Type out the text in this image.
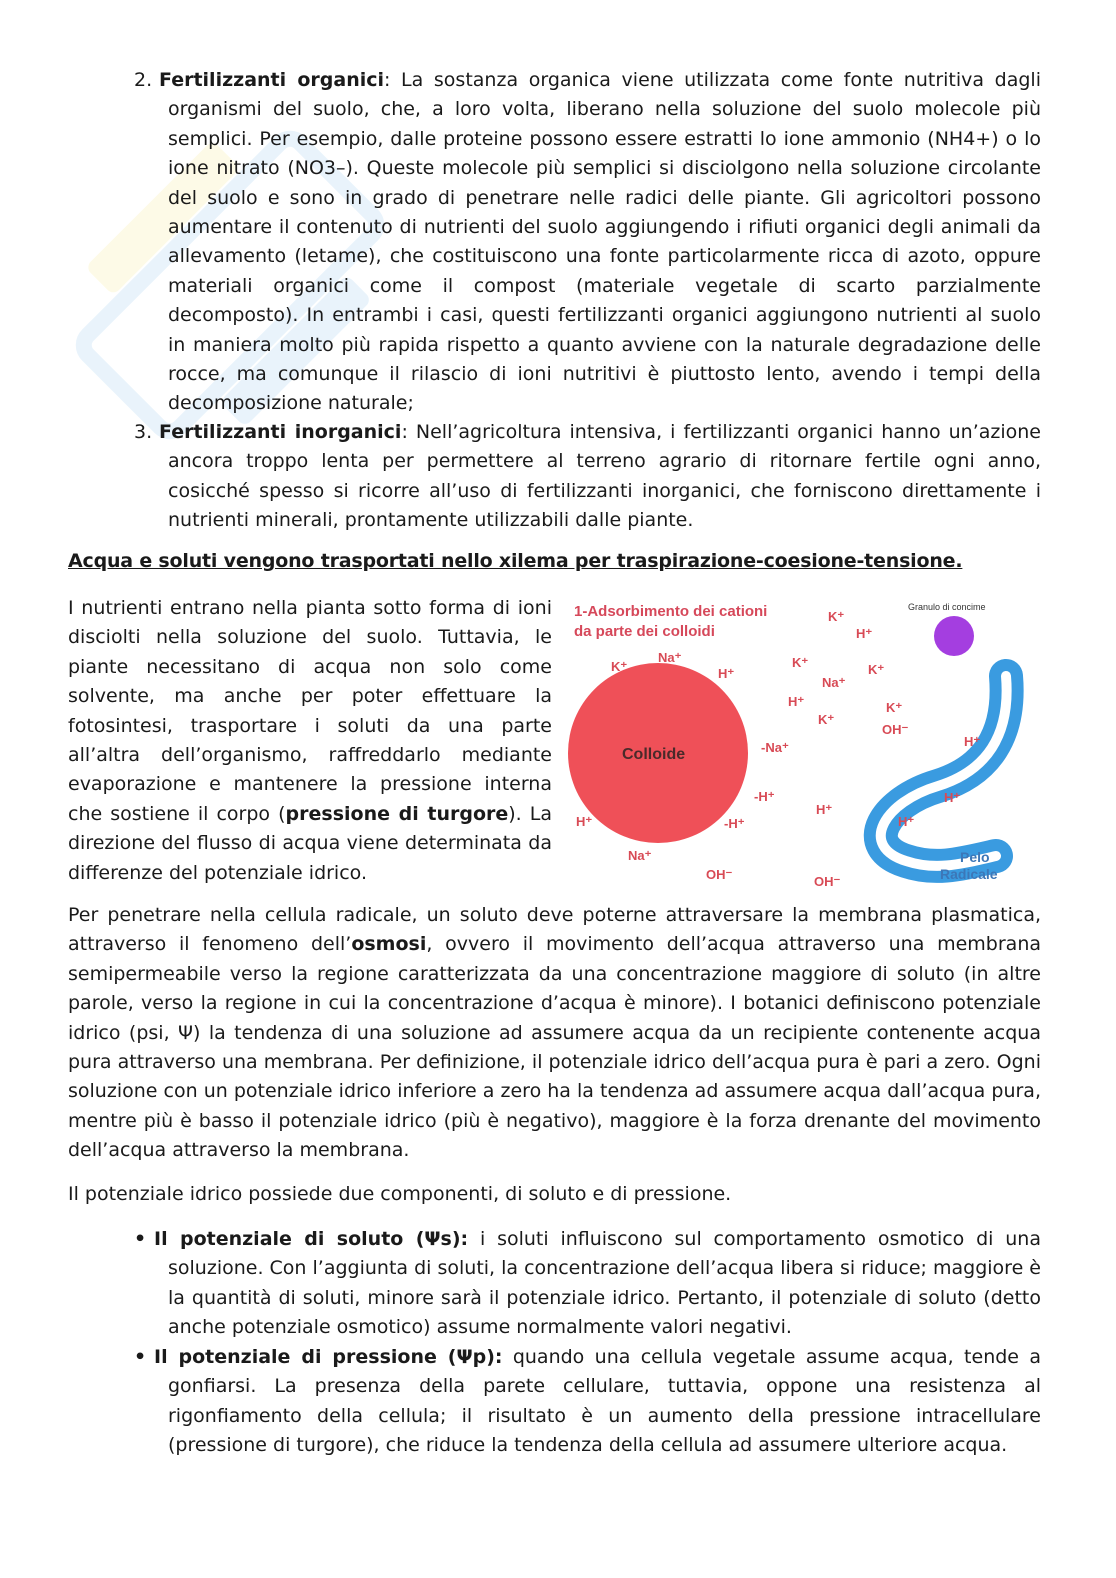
2. Fertilizzanti organici: La sostanza organica viene utilizzata come fonte nutritiva dagli organismi del suolo, che, a loro volta, liberano nella soluzione del suolo molecole più semplici. Per esempio, dalle proteine possono essere estratti lo ione ammonio (NH4+) o lo ione nitrato (NO3–). Queste molecole più semplici si disciolgono nella soluzione circolante del suolo e sono in grado di penetrare nelle radici delle piante. Gli agricoltori possono aumentare il contenuto di nutrienti del suolo aggiungendo i rifiuti organici degli animali da allevamento (letame), che costituiscono una fonte particolarmente ricca di azoto, oppure materiali organici come il compost (materiale vegetale di scarto parzialmente decomposto). In entrambi i casi, questi fertilizzanti organici aggiungono nutrienti al suolo in maniera molto più rapida rispetto a quanto avviene con la naturale degradazione delle rocce, ma comunque il rilascio di ioni nutritivi è piuttosto lento, avendo i tempi della decomposizione naturale;
3. Fertilizzanti inorganici: Nell’agricoltura intensiva, i fertilizzanti organici hanno un’azione ancora troppo lenta per permettere al terreno agrario di ritornare fertile ogni anno, cosicché spesso si ricorre all’uso di fertilizzanti inorganici, che forniscono direttamente i nutrienti minerali, prontamente utilizzabili dalle piante.
Acqua e soluti vengono trasportati nello xilema per traspirazione-coesione-tensione.
I nutrienti entrano nella pianta sotto forma di ioni disciolti nella soluzione del suolo. Tuttavia, le piante necessitano di acqua non solo come solvente, ma anche per poter effettuare la fotosintesi, trasportare i soluti da una parte all’altra dell’organismo, raffreddarlo mediante evaporazione e mantenere la pressione interna che sostiene il corpo (pressione di turgore). La direzione del flusso di acqua viene determinata da differenze del potenziale idrico.
1-Adsorbimento dei cationi
da parte dei colloidi
Granulo di concime
Colloide
K⁺
H⁺
Na⁺
K⁺	H⁺
K⁺
Na⁺
K⁺
H⁺
K⁺
K⁺
OH⁻
-Na⁺	H⁺
-H⁺
H⁺
H⁺
H⁺
H⁺	-H⁺
Na⁺
OH⁻	OH⁻
Pelo
Radicale
Per penetrare nella cellula radicale, un soluto deve poterne attraversare la membrana plasmatica, attraverso il fenomeno dell’osmosi, ovvero il movimento dell’acqua attraverso una membrana semipermeabile verso la regione caratterizzata da una concentrazione maggiore di soluto (in altre parole, verso la regione in cui la concentrazione d’acqua è minore). I botanici definiscono potenziale idrico (psi, Ψ) la tendenza di una soluzione ad assumere acqua da un recipiente contenente acqua pura attraverso una membrana. Per definizione, il potenziale idrico dell’acqua pura è pari a zero. Ogni soluzione con un potenziale idrico inferiore a zero ha la tendenza ad assumere acqua dall’acqua pura, mentre più è basso il potenziale idrico (più è negativo), maggiore è la forza drenante del movimento dell’acqua attraverso la membrana.
Il potenziale idrico possiede due componenti, di soluto e di pressione.
• Il potenziale di soluto (Ψs): i soluti influiscono sul comportamento osmotico di una soluzione. Con l’aggiunta di soluti, la concentrazione dell’acqua libera si riduce; maggiore è la quantità di soluti, minore sarà il potenziale idrico. Pertanto, il potenziale di soluto (detto anche potenziale osmotico) assume normalmente valori negativi.
• Il potenziale di pressione (Ψp): quando una cellula vegetale assume acqua, tende a gonfiarsi. La presenza della parete cellulare, tuttavia, oppone una resistenza al rigonfiamento della cellula; il risultato è un aumento della pressione intracellulare (pressione di turgore), che riduce la tendenza della cellula ad assumere ulteriore acqua.
